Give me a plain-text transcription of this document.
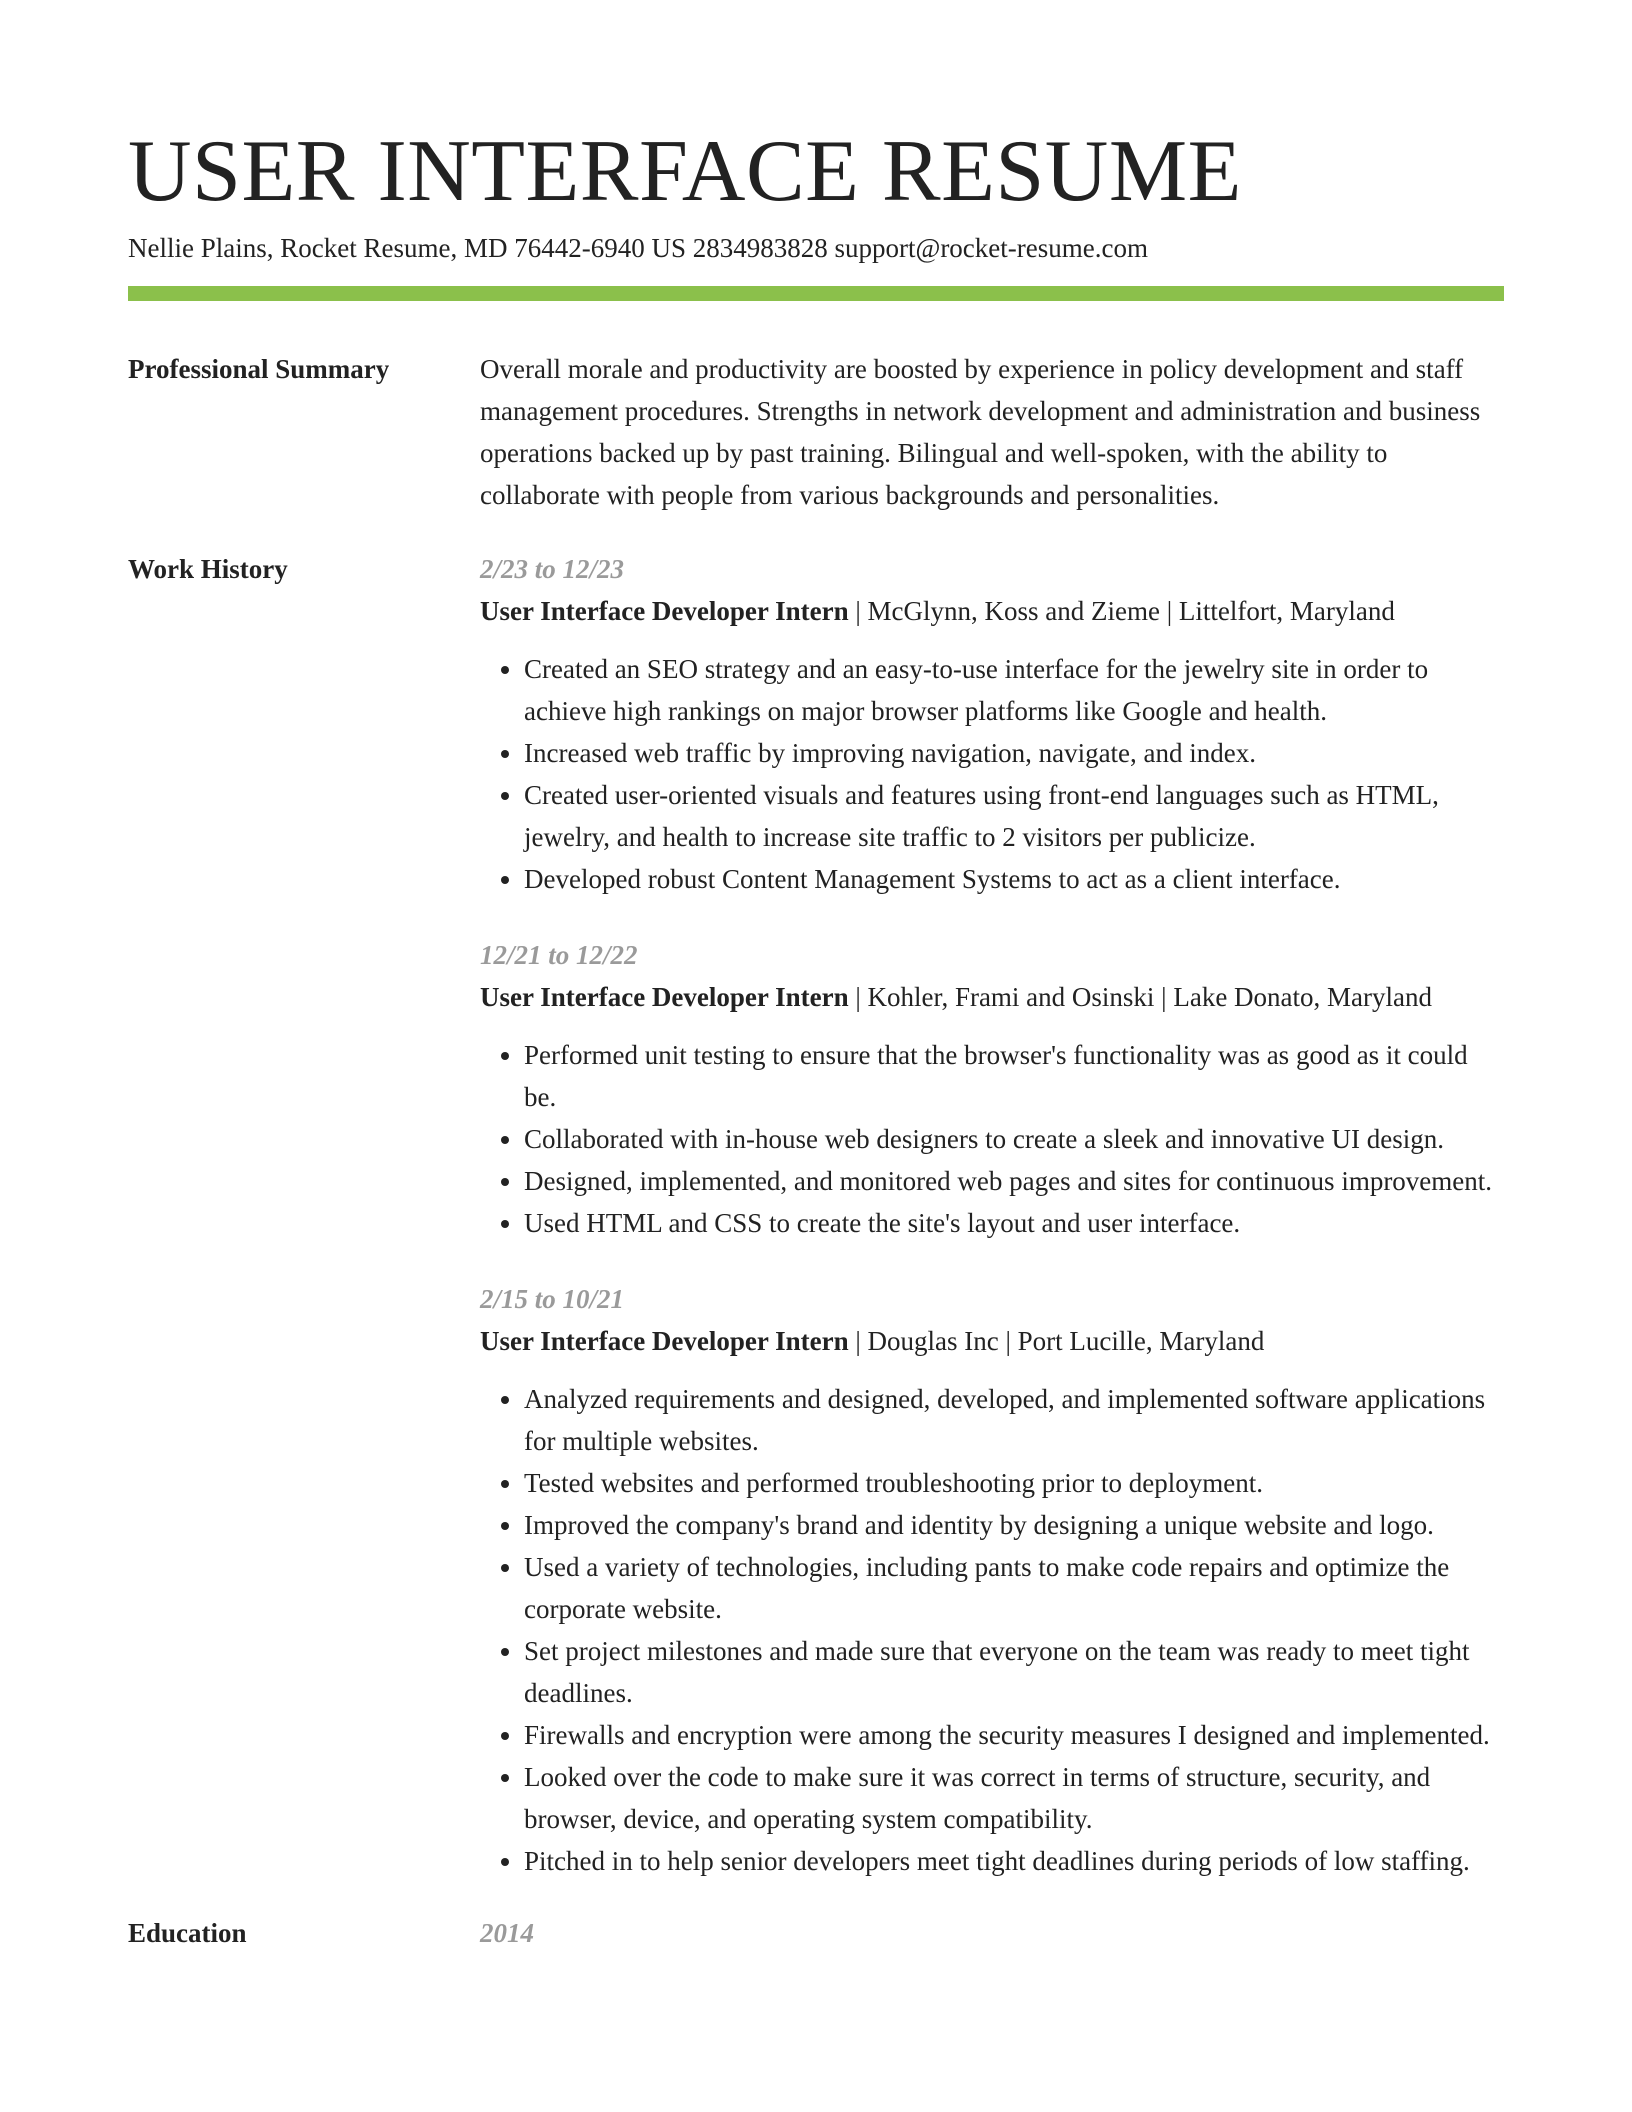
USER INTERFACE RESUME
Nellie Plains, Rocket Resume, MD 76442-6940 US 2834983828 support@rocket-resume.com
Professional Summary	Overall morale and productivity are boosted by experience in policy development and staff management procedures. Strengths in network development and administration and business operations backed up by past training. Bilingual and well-spoken, with the ability to collaborate with people from various backgrounds and personalities.

Work History	2/23 to 12/23
User Interface Developer Intern | McGlynn, Koss and Zieme | Littelfort, Maryland
• Created an SEO strategy and an easy-to-use interface for the jewelry site in order to achieve high rankings on major browser platforms like Google and health.
• Increased web traffic by improving navigation, navigate, and index.
• Created user-oriented visuals and features using front-end languages such as HTML, jewelry, and health to increase site traffic to 2 visitors per publicize.
• Developed robust Content Management Systems to act as a client interface.
12/21 to 12/22
User Interface Developer Intern | Kohler, Frami and Osinski | Lake Donato, Maryland
• Performed unit testing to ensure that the browser's functionality was as good as it could be.
• Collaborated with in-house web designers to create a sleek and innovative UI design.
• Designed, implemented, and monitored web pages and sites for continuous improvement.
• Used HTML and CSS to create the site's layout and user interface.
2/15 to 10/21
User Interface Developer Intern | Douglas Inc | Port Lucille, Maryland
• Analyzed requirements and designed, developed, and implemented software applications for multiple websites.
• Tested websites and performed troubleshooting prior to deployment.
• Improved the company's brand and identity by designing a unique website and logo.
• Used a variety of technologies, including pants to make code repairs and optimize the corporate website.
• Set project milestones and made sure that everyone on the team was ready to meet tight deadlines.
• Firewalls and encryption were among the security measures I designed and implemented.
• Looked over the code to make sure it was correct in terms of structure, security, and browser, device, and operating system compatibility.
• Pitched in to help senior developers meet tight deadlines during periods of low staffing.
Education	2014
